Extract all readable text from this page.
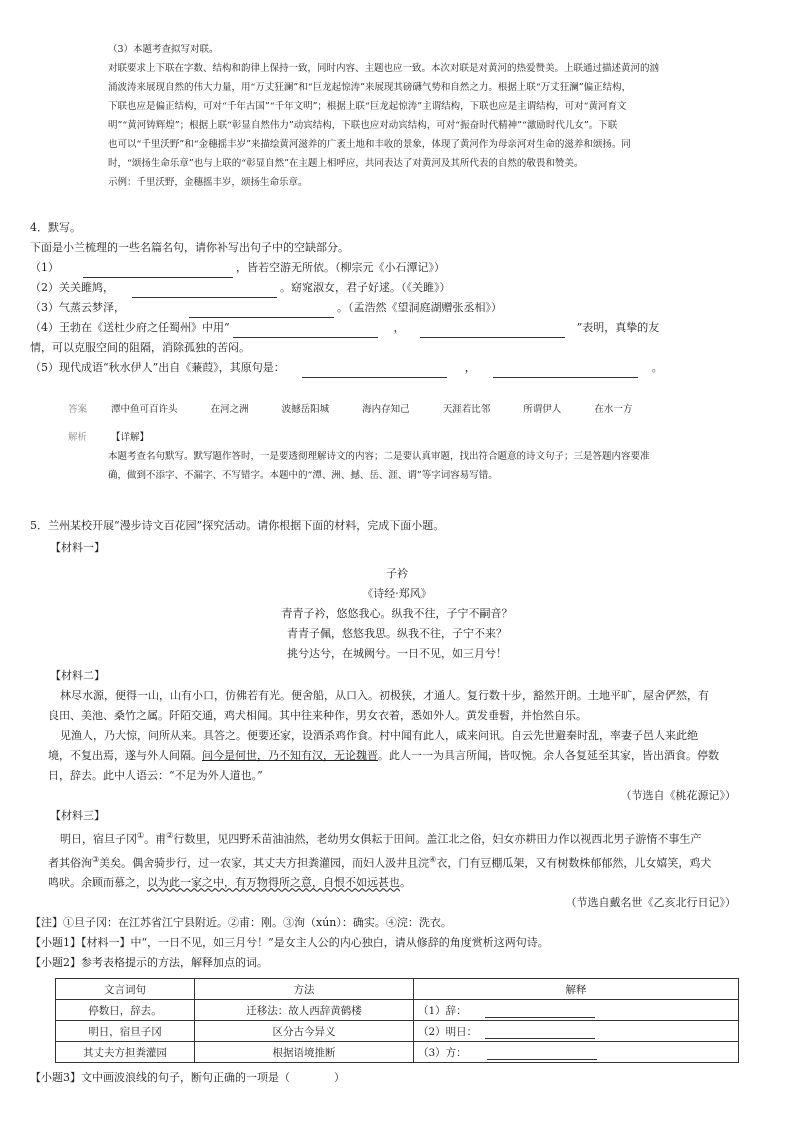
（3）本题考查拟写对联。
对联要求上下联在字数、结构和韵律上保持一致，同时内容、主题也应一致。本次对联是对黄河的热爱赞美。上联通过描述黄河的汹
涌波涛来展现自然的伟大力量，用“万丈狂澜”和“巨龙起惊涛”来展现其磅礴气势和自然之力。根据上联“万丈狂澜”偏正结构，
下联也应是偏正结构，可对“千年古国”“千年文明”；根据上联“巨龙起惊涛”主谓结构，下联也应是主谓结构，可对“黄河育文
明”“黄河铸辉煌”；根据上联“彰显自然伟力”动宾结构，下联也应对动宾结构，可对“振奋时代精神”“激励时代儿女”。下联
也可以“千里沃野”和“金穗摇丰岁”来描绘黄河滋养的广袤土地和丰收的景象，体现了黄河作为母亲河对生命的滋养和颂扬。同
时，“颂扬生命乐章”也与上联的“彰显自然”在主题上相呼应，共同表达了对黄河及其所代表的自然的敬畏和赞美。
示例：千里沃野，金穗摇丰岁，颂扬生命乐章。
4．默写。
下面是小兰梳理的一些名篇名句，请你补写出句子中的空缺部分。
（1）	，皆若空游无所依。（柳宗元《小石潭记》）
（2）关关雎鸠，	。窈窕淑女，君子好逑。（《关雎》）
（3）气蒸云梦泽，	。（孟浩然《望洞庭湖赠张丞相》）
（4）王勃在《送杜少府之任蜀州》中用“	，	”表明，真挚的友
情，可以克服空间的阻隔，消除孤独的苦闷。
（5）现代成语“秋水伊人”出自《蒹葭》，其原句是：	，	。
答案	潭中鱼可百许头	在河之洲	波撼岳阳城	海内存知己	天涯若比邻	所谓伊人	在水一方
解析	【详解】
本题考查名句默写。默写题作答时，一是要透彻理解诗文的内容；二是要认真审题，找出符合题意的诗文句子；三是答题内容要准
确，做到不添字、不漏字、不写错字。本题中的“潭、洲、撼、岳、涯、谓”等字词容易写错。
5．兰州某校开展“漫步诗文百花园”探究活动。请你根据下面的材料，完成下面小题。
【材料一】
子衿
《诗经·郑风》
青青子衿，悠悠我心。纵我不往，子宁不嗣音？
青青子佩，悠悠我思。纵我不往，子宁不来？
挑兮达兮，在城阙兮。一日不见，如三月兮！
【材料二】
林尽水源，便得一山，山有小口，仿佛若有光。便舍船，从口入。初极狭，才通人。复行数十步，豁然开朗。土地平旷，屋舍俨然，有
良田、美池、桑竹之属。阡陌交通，鸡犬相闻。其中往来种作，男女衣着，悉如外人。黄发垂髫，并怡然自乐。
见渔人，乃大惊，问所从来。具答之。便要还家，设酒杀鸡作食。村中闻有此人，咸来问讯。自云先世避秦时乱，率妻子邑人来此绝
境，不复出焉，遂与外人间隔。问今是何世，乃不知有汉，无论魏晋。此人一一为具言所闻，皆叹惋。余人各复延至其家，皆出酒食。停数
日，辞去。此中人语云：“不足为外人道也。”
（节选自《桃花源记》）
【材料三】
明日，宿旦子冈①。甫②行数里，见四野禾苗油油然，老幼男女俱耘于田间。盖江北之俗，妇女亦耕田力作以视西北男子游惰不事生产
者其俗洵③美矣。偶舍骑步行，过一农家，其丈夫方担粪灌园，而妇人汲井且浣④衣，门有豆棚瓜架，又有树数株郁郁然，儿女嬉笑，鸡犬
鸣吠。余顾而慕之，以为此一家之中，有万物得所之意，自恨不如远甚也。
（节选自戴名世《乙亥北行日记》）
【注】①旦子冈：在江苏省江宁县附近。②甫：刚。③洵（xún）：确实。④浣：洗衣。
【小题1】【材料一】中“，一日不见，如三月兮！”是女主人公的内心独白，请从修辞的角度赏析这两句诗。
【小题2】参考表格提示的方法，解释加点的词。
文言词句	方法	解释
停数日，辞去。	迁移法：故人西辞黄鹤楼	（1）辞：
明日，宿旦子冈	区分古今异义	（2）明日：
其丈夫方担粪灌园	根据语境推断	（3）方：
【小题3】文中画波浪线的句子，断句正确的一项是（　　　　）
